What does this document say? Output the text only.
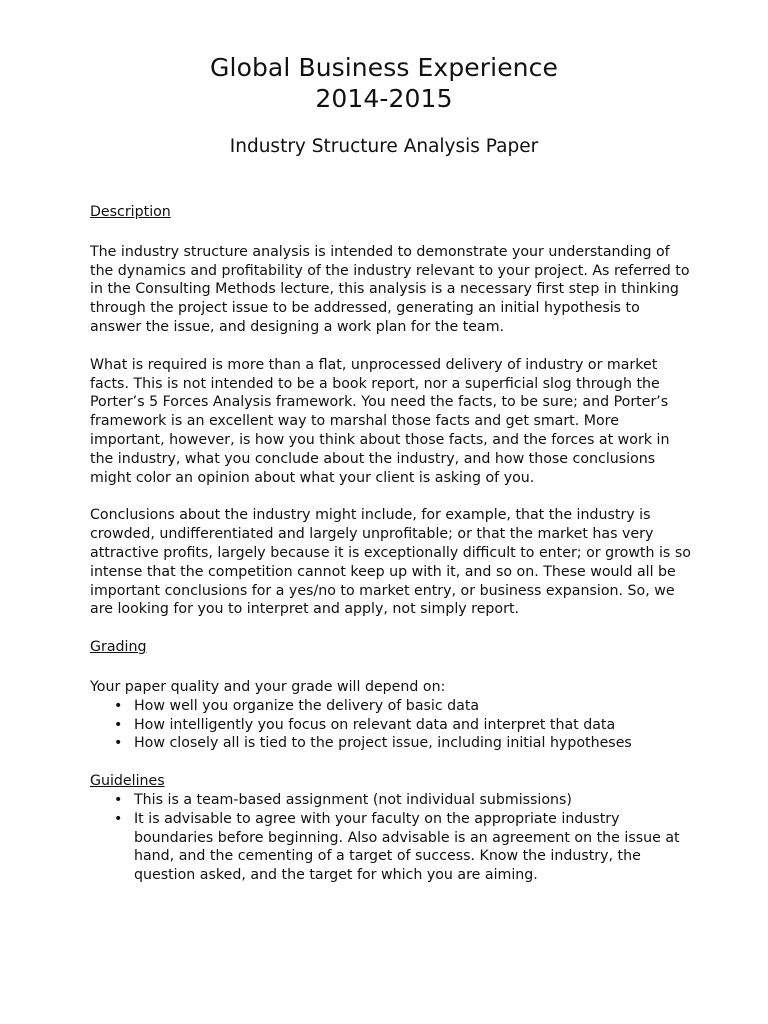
Global Business Experience
2014-2015
Industry Structure Analysis Paper

Description

The industry structure analysis is intended to demonstrate your understanding of the dynamics and profitability of the industry relevant to your project. As referred to in the Consulting Methods lecture, this analysis is a necessary first step in thinking through the project issue to be addressed, generating an initial hypothesis to answer the issue, and designing a work plan for the team.

What is required is more than a flat, unprocessed delivery of industry or market facts. This is not intended to be a book report, nor a superficial slog through the Porter’s 5 Forces Analysis framework. You need the facts, to be sure; and Porter’s framework is an excellent way to marshal those facts and get smart. More important, however, is how you think about those facts, and the forces at work in the industry, what you conclude about the industry, and how those conclusions might color an opinion about what your client is asking of you.

Conclusions about the industry might include, for example, that the industry is crowded, undifferentiated and largely unprofitable; or that the market has very attractive profits, largely because it is exceptionally difficult to enter; or growth is so intense that the competition cannot keep up with it, and so on. These would all be important conclusions for a yes/no to market entry, or business expansion. So, we are looking for you to interpret and apply, not simply report.

Grading

Your paper quality and your grade will depend on:

• How well you organize the delivery of basic data
• How intelligently you focus on relevant data and interpret that data
• How closely all is tied to the project issue, including initial hypotheses

Guidelines

• This is a team-based assignment (not individual submissions)
• It is advisable to agree with your faculty on the appropriate industry boundaries before beginning. Also advisable is an agreement on the issue at hand, and the cementing of a target of success. Know the industry, the question asked, and the target for which you are aiming.
